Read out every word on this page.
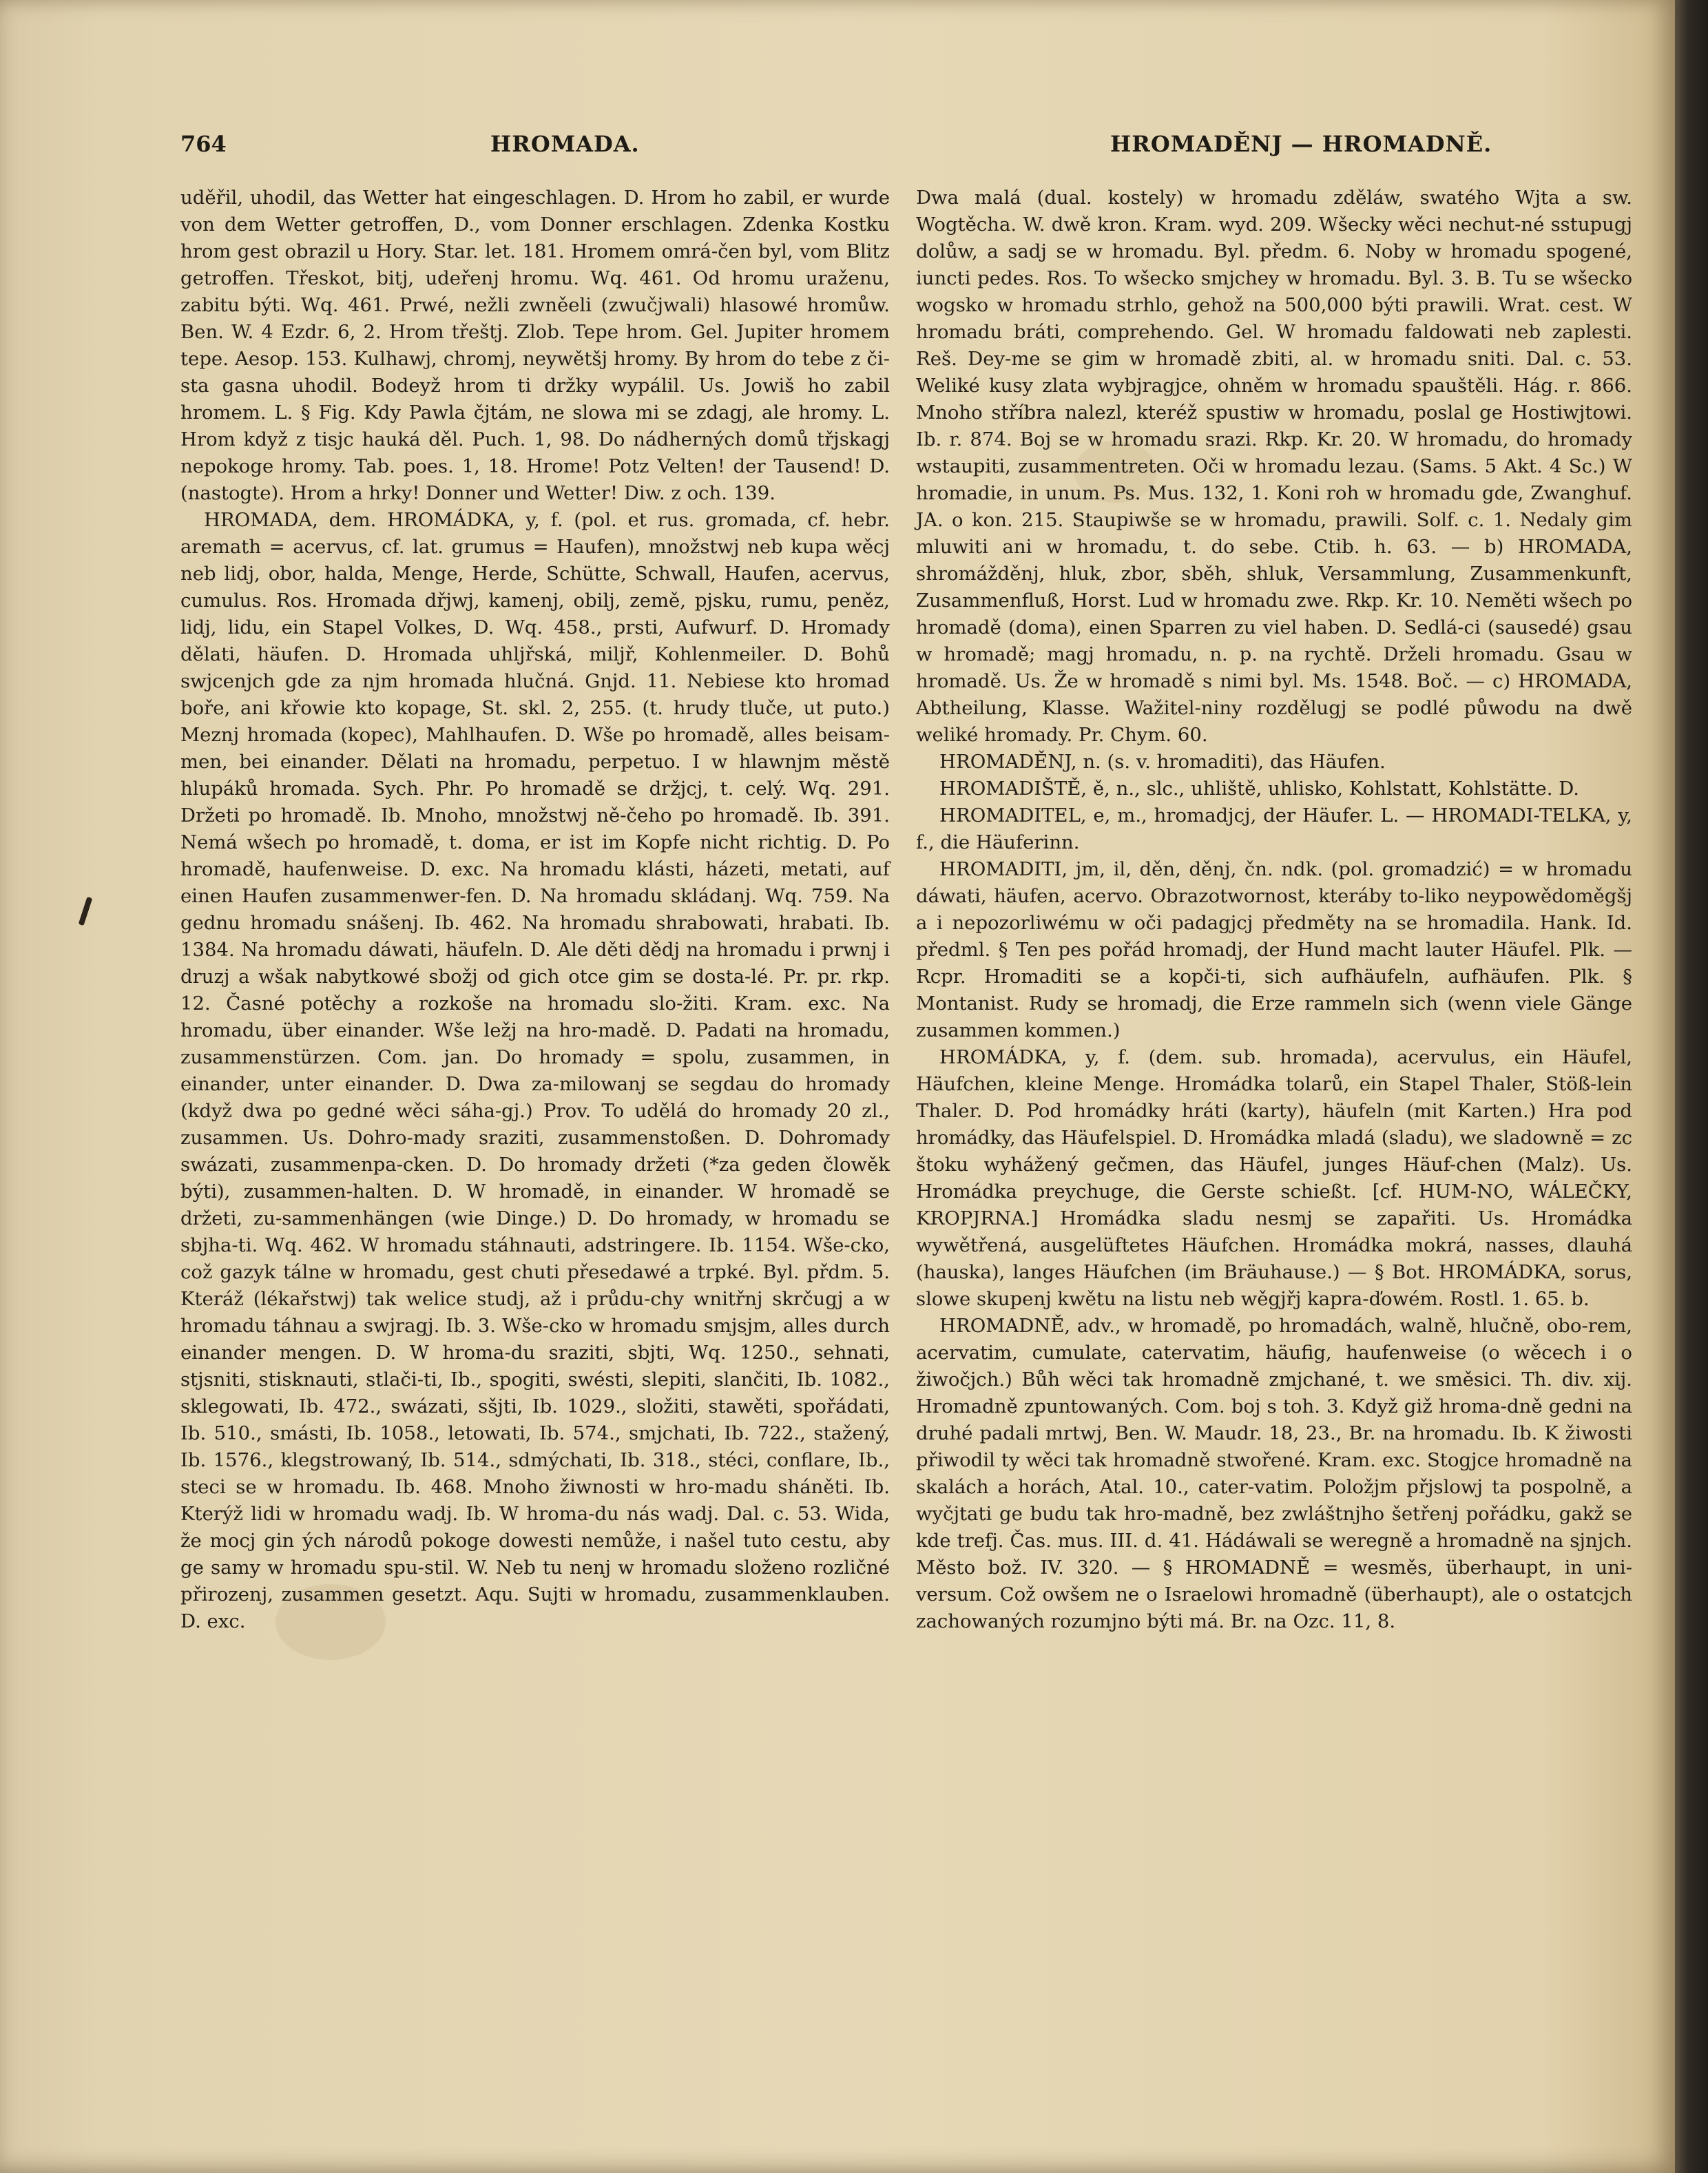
764	HROMADA.	HROMADĚNJ — HROMADNĚ.

uděřil, uhodil, das Wetter hat eingeschlagen. D. Hrom ho zabil, er wurde von dem Wetter getroffen, D., vom Donner erschlagen. Zdenka Kostku hrom gest obrazil u Hory. Star. let. 181. Hromem omrá-čen byl, vom Blitz getroffen. Třeskot, bitj, udeřenj hromu. Wq. 461. Od hromu uraženu, zabitu býti. Wq. 461. Prwé, nežli zwněeli (zwučjwali) hlasowé hromůw. Ben. W. 4 Ezdr. 6, 2. Hrom třeštj. Zlob. Tepe hrom. Gel. Jupiter hromem tepe. Aesop. 153. Kulhawj, chromj, neywětšj hromy. By hrom do tebe z či-sta gasna uhodil. Bodeyž hrom ti držky wypálil. Us. Jowiš ho zabil hromem. L. § Fig. Kdy Pawla čjtám, ne slowa mi se zdagj, ale hromy. L. Hrom když z tisjc hauká děl. Puch. 1, 98. Do nádherných domů třjskagj nepokoge hromy. Tab. poes. 1, 18. Hrome! Potz Velten! der Tausend! D. (nastogte). Hrom a hrky! Donner und Wetter! Diw. z och. 139.

HROMADA, dem. HROMÁDKA, y, f. (pol. et rus. gromada, cf. hebr. aremath = acervus, cf. lat. grumus = Haufen), množstwj neb kupa wěcj neb lidj, obor, halda, Menge, Herde, Schütte, Schwall, Haufen, acervus, cumulus. Ros. Hromada dřjwj, kamenj, obilj, země, pjsku, rumu, peněz, lidj, lidu, ein Stapel Volkes, D. Wq. 458., prsti, Aufwurf. D. Hromady dělati, häufen. D. Hromada uhljřská, miljř, Kohlenmeiler. D. Bohů swjcenjch gde za njm hromada hlučná. Gnjd. 11. Nebiese kto hromad boře, ani křowie kto kopage, St. skl. 2, 255. (t. hrudy tluče, ut puto.) Meznj hromada (kopec), Mahlhaufen. D. Wše po hromadě, alles beisam-men, bei einander. Dělati na hromadu, perpetuo. I w hlawnjm městě hlupáků hromada. Sych. Phr. Po hromadě se držjcj, t. celý. Wq. 291. Držeti po hromadě. Ib. Mnoho, množstwj ně-čeho po hromadě. Ib. 391. Nemá wšech po hromadě, t. doma, er ist im Kopfe nicht richtig. D. Po hromadě, haufenweise. D. exc. Na hromadu klásti, házeti, metati, auf einen Haufen zusammenwer-fen. D. Na hromadu skládanj. Wq. 759. Na gednu hromadu snášenj. Ib. 462. Na hromadu shrabowati, hrabati. Ib. 1384. Na hromadu dáwati, häufeln. D. Ale děti dědj na hromadu i prwnj i druzj a wšak nabytkowé sbožj od gich otce gim se dosta-lé. Pr. pr. rkp. 12. Časné potěchy a rozkoše na hromadu slo-žiti. Kram. exc. Na hromadu, über einander. Wše ležj na hro-madě. D. Padati na hromadu, zusammenstürzen. Com. jan. Do hromady = spolu, zusammen, in einander, unter einander. D. Dwa za-milowanj se segdau do hromady (když dwa po gedné wěci sáha-gj.) Prov. To udělá do hromady 20 zl., zusammen. Us. Dohro-mady sraziti, zusammenstoßen. D. Dohromady swázati, zusammenpa-cken. D. Do hromady držeti (*za geden člowěk býti), zusammen-halten. D. W hromadě, in einander. W hromadě se držeti, zu-sammenhängen (wie Dinge.) D. Do hromady, w hromadu se sbjha-ti. Wq. 462. W hromadu stáhnauti, adstringere. Ib. 1154. Wše-cko, což gazyk tálne w hromadu, gest chuti přesedawé a trpké. Byl. přdm. 5. Kteráž (lékařstwj) tak welice studj, až i průdu-chy wnitřnj skrčugj a w hromadu táhnau a swjragj. Ib. 3. Wše-cko w hromadu smjsjm, alles durch einander mengen. D. W hroma-du sraziti, sbjti, Wq. 1250., sehnati, stjsniti, stisknauti, stlači-ti, Ib., spogiti, swésti, slepiti, slančiti, Ib. 1082., sklegowati, Ib. 472., swázati, sšjti, Ib. 1029., složiti, stawěti, spořádati, Ib. 510., smásti, Ib. 1058., letowati, Ib. 574., smjchati, Ib. 722., stažený, Ib. 1576., klegstrowaný, Ib. 514., sdmýchati, Ib. 318., stéci, conflare, Ib., steci se w hromadu. Ib. 468. Mnoho žiwnosti w hro-madu sháněti. Ib. Kterýž lidi w hromadu wadj. Ib. W hroma-du nás wadj. Dal. c. 53. Wida, že mocj gin ých národů pokoge dowesti nemůže, i našel tuto cestu, aby ge samy w hromadu spu-stil. W. Neb tu nenj w hromadu složeno rozličné přirozenj, zusammen gesetzt. Aqu. Sujti w hromadu, zusammenklauben. D. exc.

Dwa malá (dual. kostely) w hromadu zděláw, swatého Wjta a sw. Wogtěcha. W. dwě kron. Kram. wyd. 209. Wšecky wěci nechut-né sstupugj dolůw, a sadj se w hromadu. Byl. předm. 6. Noby w hromadu spogené, iuncti pedes. Ros. To wšecko smjchey w hromadu. Byl. 3. B. Tu se wšecko wogsko w hromadu strhlo, gehož na 500,000 býti prawili. Wrat. cest. W hromadu bráti, comprehendo. Gel. W hromadu faldowati neb zaplesti. Reš. Dey-me se gim w hromadě zbiti, al. w hromadu sniti. Dal. c. 53. Weliké kusy zlata wybjragjce, ohněm w hromadu spauštěli. Hág. r. 866. Mnoho stříbra nalezl, kteréž spustiw w hromadu, poslal ge Hostiwjtowi. Ib. r. 874. Boj se w hromadu srazi. Rkp. Kr. 20. W hromadu, do hromady wstaupiti, zusammentreten. Oči w hromadu lezau. (Sams. 5 Akt. 4 Sc.) W hromadie, in unum. Ps. Mus. 132, 1. Koni roh w hromadu gde, Zwanghuf. JA. o kon. 215. Staupiwše se w hromadu, prawili. Solf. c. 1. Nedaly gim mluwiti ani w hromadu, t. do sebe. Ctib. h. 63. — b) HROMADA, shromážděnj, hluk, zbor, sběh, shluk, Versammlung, Zusammenkunft, Zusammenfluß, Horst. Lud w hromadu zwe. Rkp. Kr. 10. Neměti wšech po hromadě (doma), einen Sparren zu viel haben. D. Sedlá-ci (sausedé) gsau w hromadě; magj hromadu, n. p. na rychtě. Drželi hromadu. Gsau w hromadě. Us. Že w hromadě s nimi byl. Ms. 1548. Boč. — c) HROMADA, Abtheilung, Klasse. Wažitel-niny rozdělugj se podlé půwodu na dwě weliké hromady. Pr. Chym. 60.

HROMADĚNJ, n. (s. v. hromaditi), das Häufen.

HROMADIŠTĚ, ě, n., slc., uhliště, uhlisko, Kohlstatt, Kohlstätte. D.

HROMADITEL, e, m., hromadjcj, der Häufer. L. — HROMADI-TELKA, y, f., die Häuferinn.

HROMADITI, jm, il, děn, děnj, čn. ndk. (pol. gromadzić) = w hromadu dáwati, häufen, acervo. Obrazotwornost, kteráby to-liko neypowědoměgšj a i nepozorliwému w oči padagjcj předměty na se hromadila. Hank. Id. předml. § Ten pes pořád hromadj, der Hund macht lauter Häufel. Plk. — Rcpr. Hromaditi se a kopči-ti, sich aufhäufeln, aufhäufen. Plk. § Montanist. Rudy se hromadj, die Erze rammeln sich (wenn viele Gänge zusammen kommen.)

HROMÁDKA, y, f. (dem. sub. hromada), acervulus, ein Häufel, Häufchen, kleine Menge. Hromádka tolarů, ein Stapel Thaler, Stöß-lein Thaler. D. Pod hromádky hráti (karty), häufeln (mit Karten.) Hra pod hromádky, das Häufelspiel. D. Hromádka mladá (sladu), we sladowně = zc štoku wyhážený gečmen, das Häufel, junges Häuf-chen (Malz). Us. Hromádka preychuge, die Gerste schießt. [cf. HUM-NO, WÁLEČKY, KROPJRNA.] Hromádka sladu nesmj se zapařiti. Us. Hromádka wywětřená, ausgelüftetes Häufchen. Hromádka mokrá, nasses, dlauhá (hauska), langes Häufchen (im Bräuhause.) — § Bot. HROMÁDKA, sorus, slowe skupenj kwětu na listu neb wěgjřj kapra-ďowém. Rostl. 1. 65. b.

HROMADNĚ, adv., w hromadě, po hromadách, walně, hlučně, obo-rem, acervatim, cumulate, catervatim, häufig, haufenweise (o wěcech i o žiwočjch.) Bůh wěci tak hromadně zmjchané, t. we směsici. Th. div. xij. Hromadně zpuntowaných. Com. boj s toh. 3. Když giž hroma-dně gedni na druhé padali mrtwj, Ben. W. Maudr. 18, 23., Br. na hromadu. Ib. K žiwosti přiwodil ty wěci tak hromadně stwořené. Kram. exc. Stogjce hromadně na skalách a horách, Atal. 10., cater-vatim. Položjm přjslowj ta pospolně, a wyčjtati ge budu tak hro-madně, bez zwláštnjho šetřenj pořádku, gakž se kde trefj. Čas. mus. III. d. 41. Hádáwali se weregně a hromadně na sjnjch. Město bož. IV. 320. — § HROMADNĚ = wesměs, überhaupt, in uni-versum. Což owšem ne o Israelowi hromadně (überhaupt), ale o ostatcjch zachowaných rozumjno býti má. Br. na Ozc. 11, 8.
